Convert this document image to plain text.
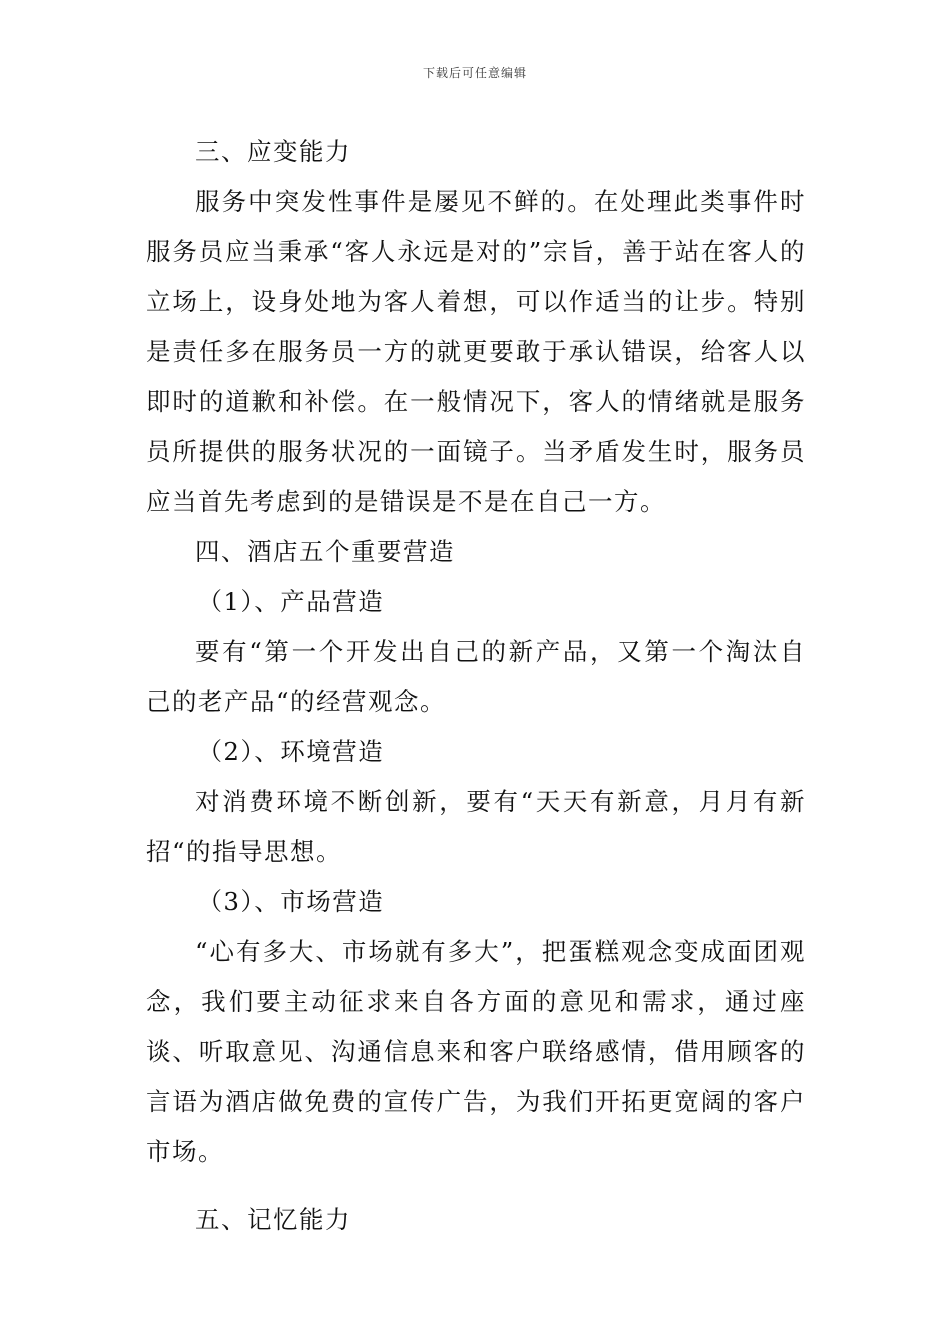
下载后可任意编辑

三、应变能力

服务中突发性事件是屡见不鲜的。在处理此类事件时服务员应当秉承“客人永远是对的”宗旨，善于站在客人的立场上，设身处地为客人着想，可以作适当的让步。特别是责任多在服务员一方的就更要敢于承认错误，给客人以即时的道歉和补偿。在一般情况下，客人的情绪就是服务员所提供的服务状况的一面镜子。当矛盾发生时，服务员应当首先考虑到的是错误是不是在自己一方。

四、酒店五个重要营造

（1）、产品营造

要有“第一个开发出自己的新产品，又第一个淘汰自己的老产品“的经营观念。

（2）、环境营造

对消费环境不断创新，要有“天天有新意，月月有新招“的指导思想。

（3）、市场营造

“心有多大、市场就有多大”，把蛋糕观念变成面团观念，我们要主动征求来自各方面的意见和需求，通过座谈、听取意见、沟通信息来和客户联络感情，借用顾客的言语为酒店做免费的宣传广告，为我们开拓更宽阔的客户市场。

五、记忆能力
